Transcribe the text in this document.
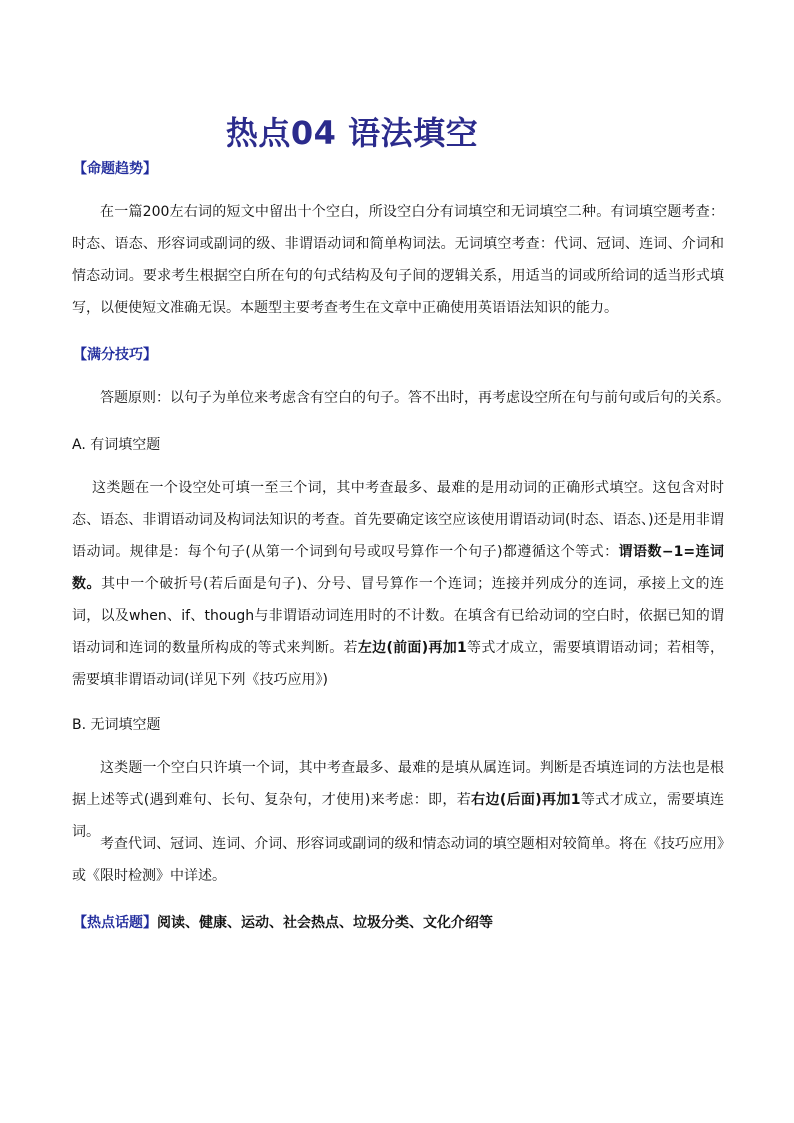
热点04 语法填空
【命题趋势】

在一篇200左右词的短文中留出十个空白，所设空白分有词填空和无词填空二种。有词填空题考查：时态、语态、形容词或副词的级、非谓语动词和简单构词法。无词填空考查：代词、冠词、连词、介词和情态动词。要求考生根据空白所在句的句式结构及句子间的逻辑关系，用适当的词或所给词的适当形式填写，以便使短文准确无误。本题型主要考查考生在文章中正确使用英语语法知识的能力。

【满分技巧】

答题原则：以句子为单位来考虑含有空白的句子。答不出时，再考虑设空所在句与前句或后句的关系。

A. 有词填空题

这类题在一个设空处可填一至三个词，其中考查最多、最难的是用动词的正确形式填空。这包含对时态、语态、非谓语动词及构词法知识的考查。首先要确定该空应该使用谓语动词(时态、语态、)还是用非谓语动词。规律是：每个句子(从第一个词到句号或叹号算作一个句子)都遵循这个等式：谓语数−1=连词数。其中一个破折号(若后面是句子)、分号、冒号算作一个连词；连接并列成分的连词，承接上文的连词，以及when、if、though与非谓语动词连用时的不计数。在填含有已给动词的空白时，依据已知的谓语动词和连词的数量所构成的等式来判断。若左边(前面)再加1等式才成立，需要填谓语动词；若相等，需要填非谓语动词(详见下列《技巧应用》)

B. 无词填空题

这类题一个空白只许填一个词，其中考查最多、最难的是填从属连词。判断是否填连词的方法也是根据上述等式(遇到难句、长句、复杂句，才使用)来考虑：即，若右边(后面)再加1等式才成立，需要填连词。

考查代词、冠词、连词、介词、形容词或副词的级和情态动词的填空题相对较简单。将在《技巧应用》或《限时检测》中详述。

【热点话题】阅读、健康、运动、社会热点、垃圾分类、文化介绍等
